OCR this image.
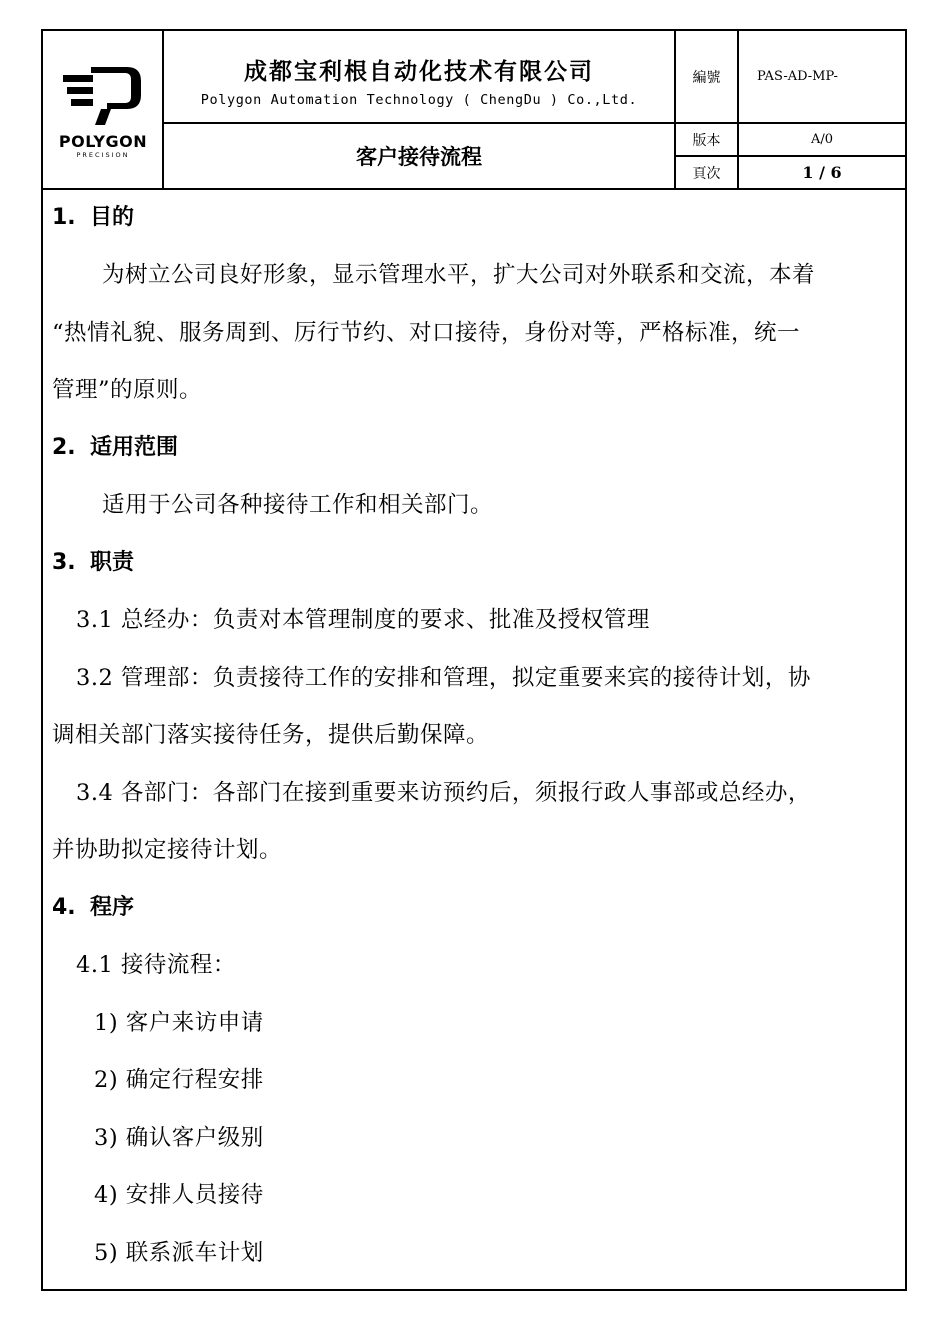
POLYGON
PRECISION
成都宝利根自动化技术有限公司
Polygon Automation Technology ( ChengDu ) Co.,Ltd.
客户接待流程
編號	PAS-AD-MP-
版本	A/0
頁次	1 / 6
1. 目的
为树立公司良好形象，显示管理水平，扩大公司对外联系和交流，本着
“热情礼貌、服务周到、厉行节约、对口接待，身份对等，严格标准，统一
管理”的原则。
2. 适用范围
适用于公司各种接待工作和相关部门。
3. 职责
3.1 总经办：负责对本管理制度的要求、批准及授权管理
3.2 管理部：负责接待工作的安排和管理，拟定重要来宾的接待计划，协
调相关部门落实接待任务，提供后勤保障。
3.4 各部门：各部门在接到重要来访预约后，须报行政人事部或总经办，
并协助拟定接待计划。
4. 程序
4.1 接待流程：
1) 客户来访申请
2) 确定行程安排
3) 确认客户级别
4) 安排人员接待
5) 联系派车计划
